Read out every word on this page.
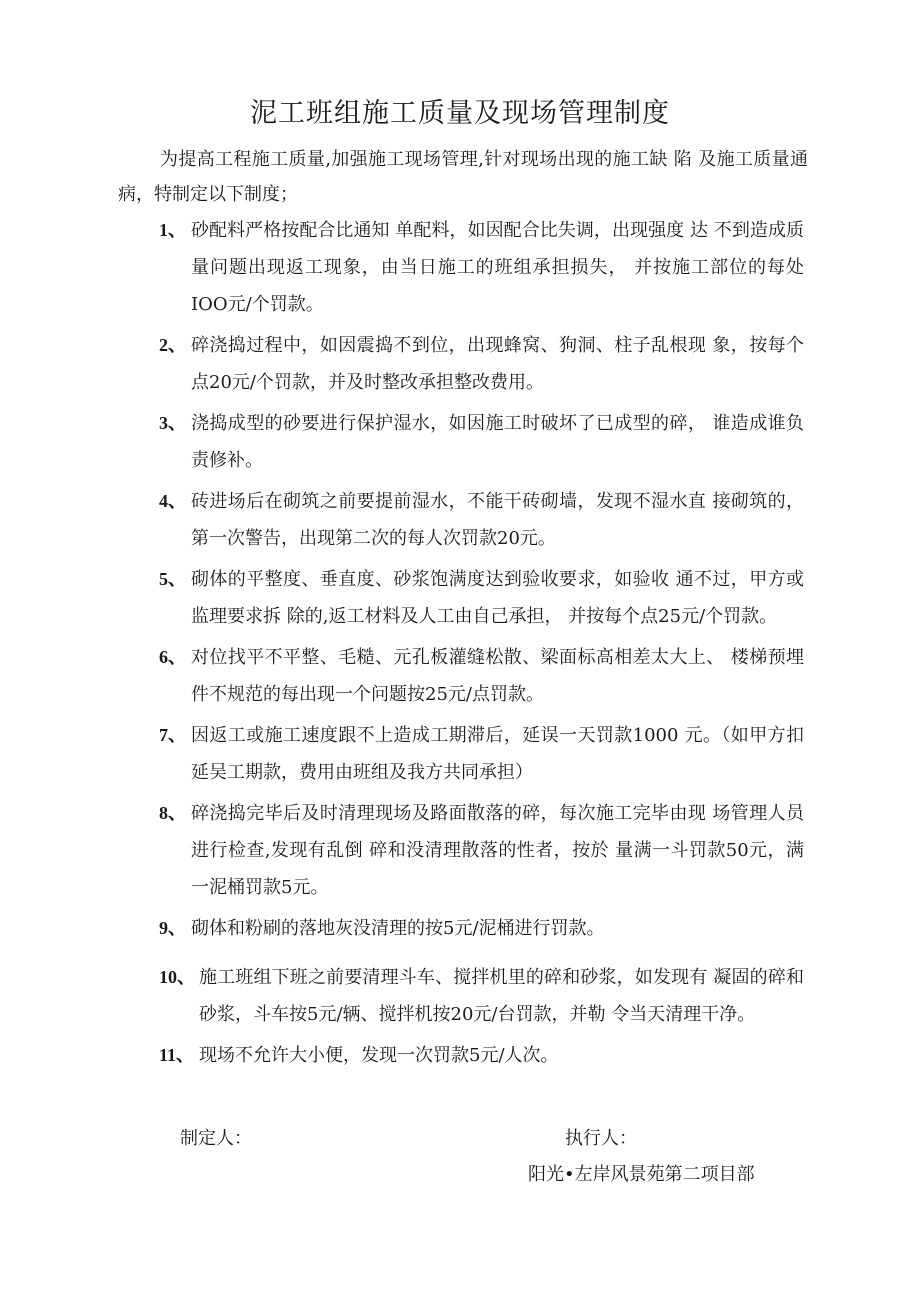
泥工班组施工质量及现场管理制度
为提高工程施工质量,加强施工现场管理,针对现场出现的施工缺 陷 及施工质量通病，特制定以下制度；
1、 砂配料严格按配合比通知 单配料，如因配合比失调，出现强度 达 不到造成质量问题出现返工现象，由当日施工的班组承担损失， 并按施工部位的每处IOO元/个罚款。
2、 碎浇捣过程中，如因震捣不到位，出现蜂窝、狗洞、柱子乱根现 象，按每个点20元/个罚款，并及时整改承担整改费用。
3、 浇捣成型的砂要进行保护湿水，如因施工时破坏了已成型的碎， 谁造成谁负责修补。
4、 砖进场后在砌筑之前要提前湿水，不能干砖砌墙，发现不湿水直 接砌筑的，第一次警告，出现第二次的每人次罚款20元。
5、 砌体的平整度、垂直度、砂浆饱满度达到验收要求，如验收 通不过，甲方或监理要求拆 除的,返工材料及人工由自己承担， 并按每个点25元/个罚款。
6、 对位找平不平整、毛糙、元孔板灌缝松散、梁面标高相差太大上、 楼梯预埋件不规范的每出现一个问题按25元/点罚款。
7、 因返工或施工速度跟不上造成工期滞后，延误一天罚款1000 元。（如甲方扣延吴工期款，费用由班组及我方共同承担）
8、 碎浇捣完毕后及时清理现场及路面散落的碎，每次施工完毕由现 场管理人员进行检查,发现有乱倒 碎和没清理散落的性者，按於 量满一斗罚款50元，满一泥桶罚款5元。
9、 砌体和粉刷的落地灰没清理的按5元/泥桶进行罚款。
10、 施工班组下班之前要清理斗车、搅拌机里的碎和砂浆，如发现有 凝固的碎和砂浆，斗车按5元/辆、搅拌机按20元/台罚款，并勒 令当天清理干净。
11、 现场不允许大小便，发现一次罚款5元/人次。
制定人：	执行人：
阳光•左岸风景苑第二项目部
